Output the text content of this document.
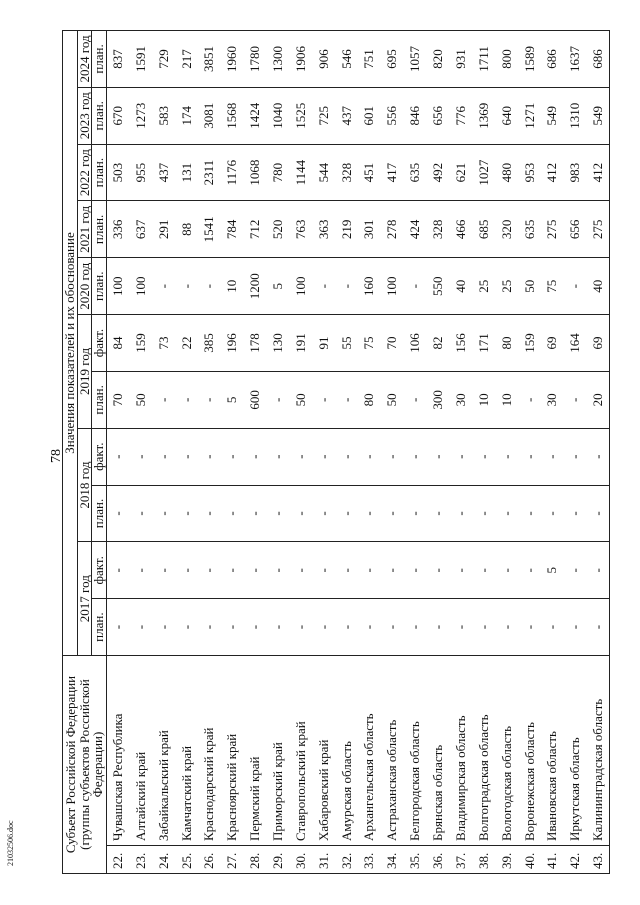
78
21032506.doc	Субъект Российской Федерации (группы субъектов Российской Федерации)		Значения показателей и их обоснование										
		2017 год		2018 год		2019 год		2020 год	2021 год	2022 год	2023 год	2024 год
		план.	факт.	план.	факт.	план.	факт.	план.	план.	план.	план.	план.
22.	Чувашская Республика	-	-	-	-	70	84	100	336	503	670	837
23.	Алтайский край	-	-	-	-	50	159	100	637	955	1273	1591
24.	Забайкальский край	-	-	-	-	-	73	-	291	437	583	729
25.	Камчатский край	-	-	-	-	-	22	-	88	131	174	217
26.	Краснодарский край	-	-	-	-	-	385	-	1541	2311	3081	3851
27.	Красноярский край	-	-	-	-	5	196	10	784	1176	1568	1960
28.	Пермский край	-	-	-	-	600	178	1200	712	1068	1424	1780
29.	Приморский край	-	-	-	-	-	130	5	520	780	1040	1300
30.	Ставропольский край	-	-	-	-	50	191	100	763	1144	1525	1906
31.	Хабаровский край	-	-	-	-	-	91	-	363	544	725	906
32.	Амурская область	-	-	-	-	-	55	-	219	328	437	546
33.	Архангельская область	-	-	-	-	80	75	160	301	451	601	751
34.	Астраханская область	-	-	-	-	50	70	100	278	417	556	695
35.	Белгородская область	-	-	-	-	-	106	-	424	635	846	1057
36.	Брянская область	-	-	-	-	300	82	550	328	492	656	820
37.	Владимирская область	-	-	-	-	30	156	40	466	621	776	931
38.	Волгоградская область	-	-	-	-	10	171	25	685	1027	1369	1711
39.	Вологодская область	-	-	-	-	10	80	25	320	480	640	800
40.	Воронежская область	-	-	-	-	-	159	50	635	953	1271	1589
41.	Ивановская область	-	5	-	-	30	69	75	275	412	549	686
42.	Иркутская область	-	-	-	-	-	164	-	656	983	1310	1637
43.	Калининградская область	-	-	-	-	20	69	40	275	412	549	686
